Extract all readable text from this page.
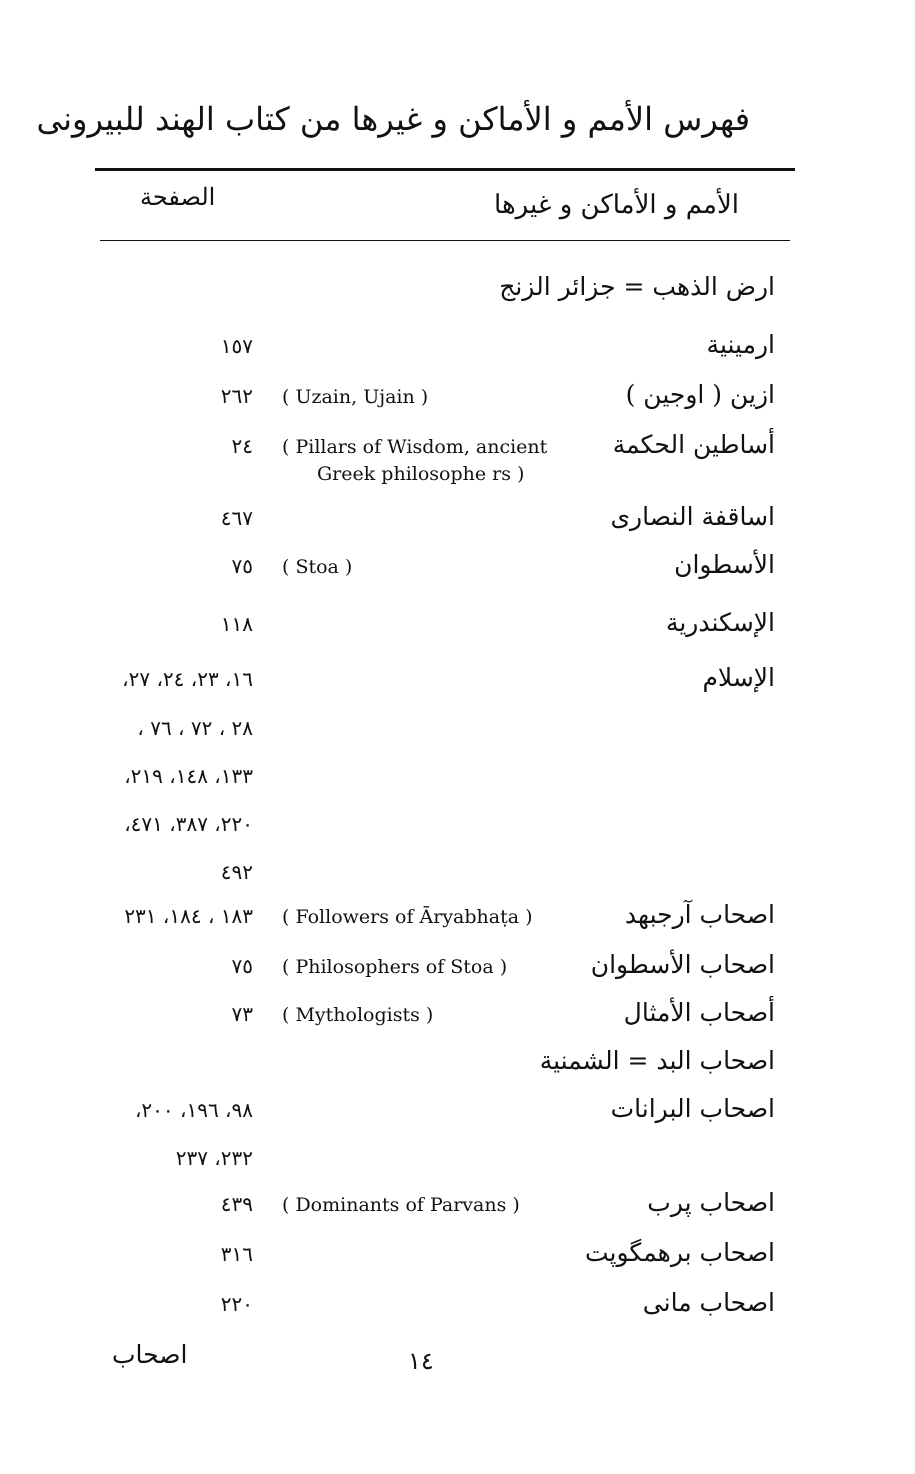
فهرس الأمم و الأماكن و غيرها من كتاب الهند للبيرونى
الصفحة	الأمم و الأماكن و غيرها
ارض الذهب = جزائر الزنج
ارمينية
١٥٧
ازين ( اوجين )
( Uzain, Ujain )
٢٦٢
أساطين الحكمة
( Pillars of Wisdom, ancient
Greek philosophe rs )
٢٤
اساقفة النصارى
٤٦٧
الأسطوان
( Stoa )
٧٥
الإسكندرية
١١٨
الإسلام
١٦، ٢٣، ٢٤، ٢٧،
٢٨ ، ٧٢ ، ٧٦ ،
١٣٣، ١٤٨، ٢١٩،
٢٢٠، ٣٨٧، ٤٧١،
٤٩٢
اصحاب آرجبهد
( Followers of Āryabhaṭa )
١٨٣ ، ١٨٤، ٢٣١
اصحاب الأسطوان
( Philosophers of Stoa )
٧٥
أصحاب الأمثال
( Mythologists )
٧٣
اصحاب البد = الشمنية
اصحاب البرانات
٩٨، ١٩٦، ٢٠٠،
٢٣٢، ٢٣٧
اصحاب پرب
( Dominants of Parvans )
٤٣٩
اصحاب برهمگوپت
٣١٦
اصحاب مانى
٢٢٠
١٤
اصحاب
